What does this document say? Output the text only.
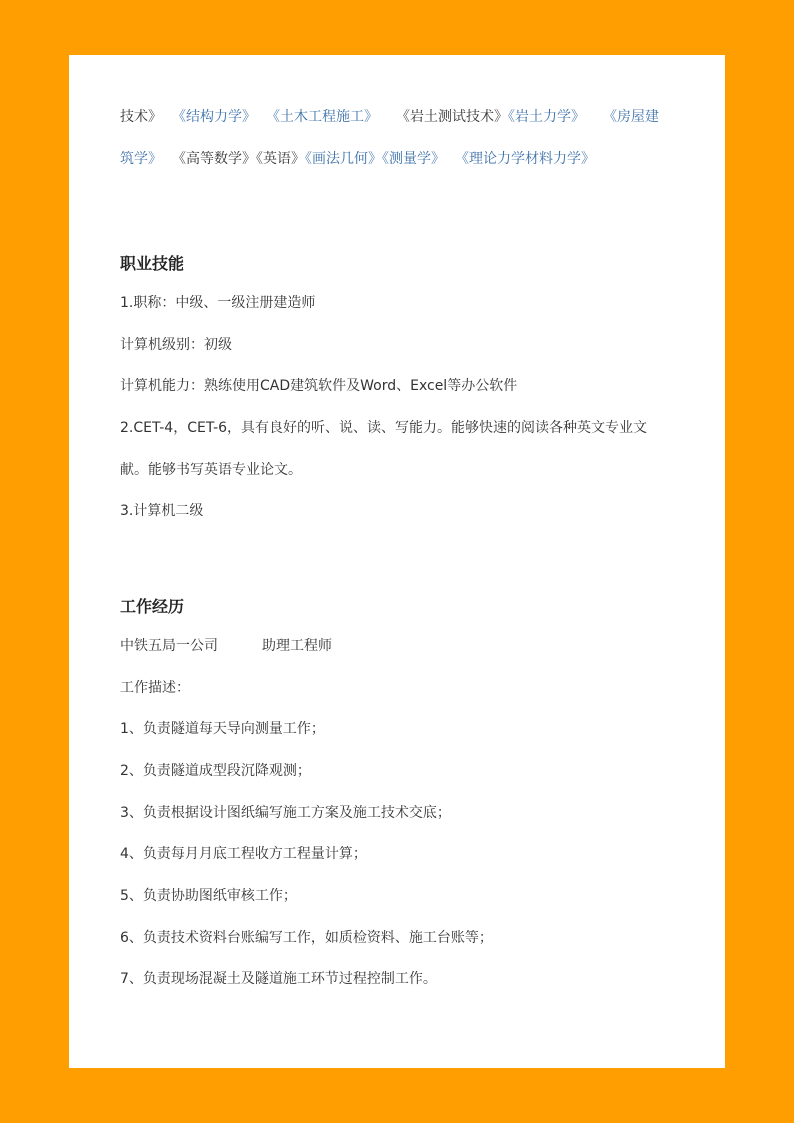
技术》 《结构力学》 《土木工程施工》 《岩土测试技术》《岩土力学》 《房屋建
筑学》 《高等数学》《英语》《画法几何》《测量学》 《理论力学材料力学》
职业技能
1.职称：中级、一级注册建造师
计算机级别：初级
计算机能力：熟练使用CAD建筑软件及Word、Excel等办公软件
2.CET-4，CET-6，具有良好的听、说、读、写能力。能够快速的阅读各种英文专业文
献。能够书写英语专业论文。
3.计算机二级
工作经历
中铁五局一公司	助理工程师
工作描述：
1、负责隧道每天导向测量工作；
2、负责隧道成型段沉降观测；
3、负责根据设计图纸编写施工方案及施工技术交底；
4、负责每月月底工程收方工程量计算；
5、负责协助图纸审核工作；
6、负责技术资料台账编写工作，如质检资料、施工台账等；
7、负责现场混凝土及隧道施工环节过程控制工作。
